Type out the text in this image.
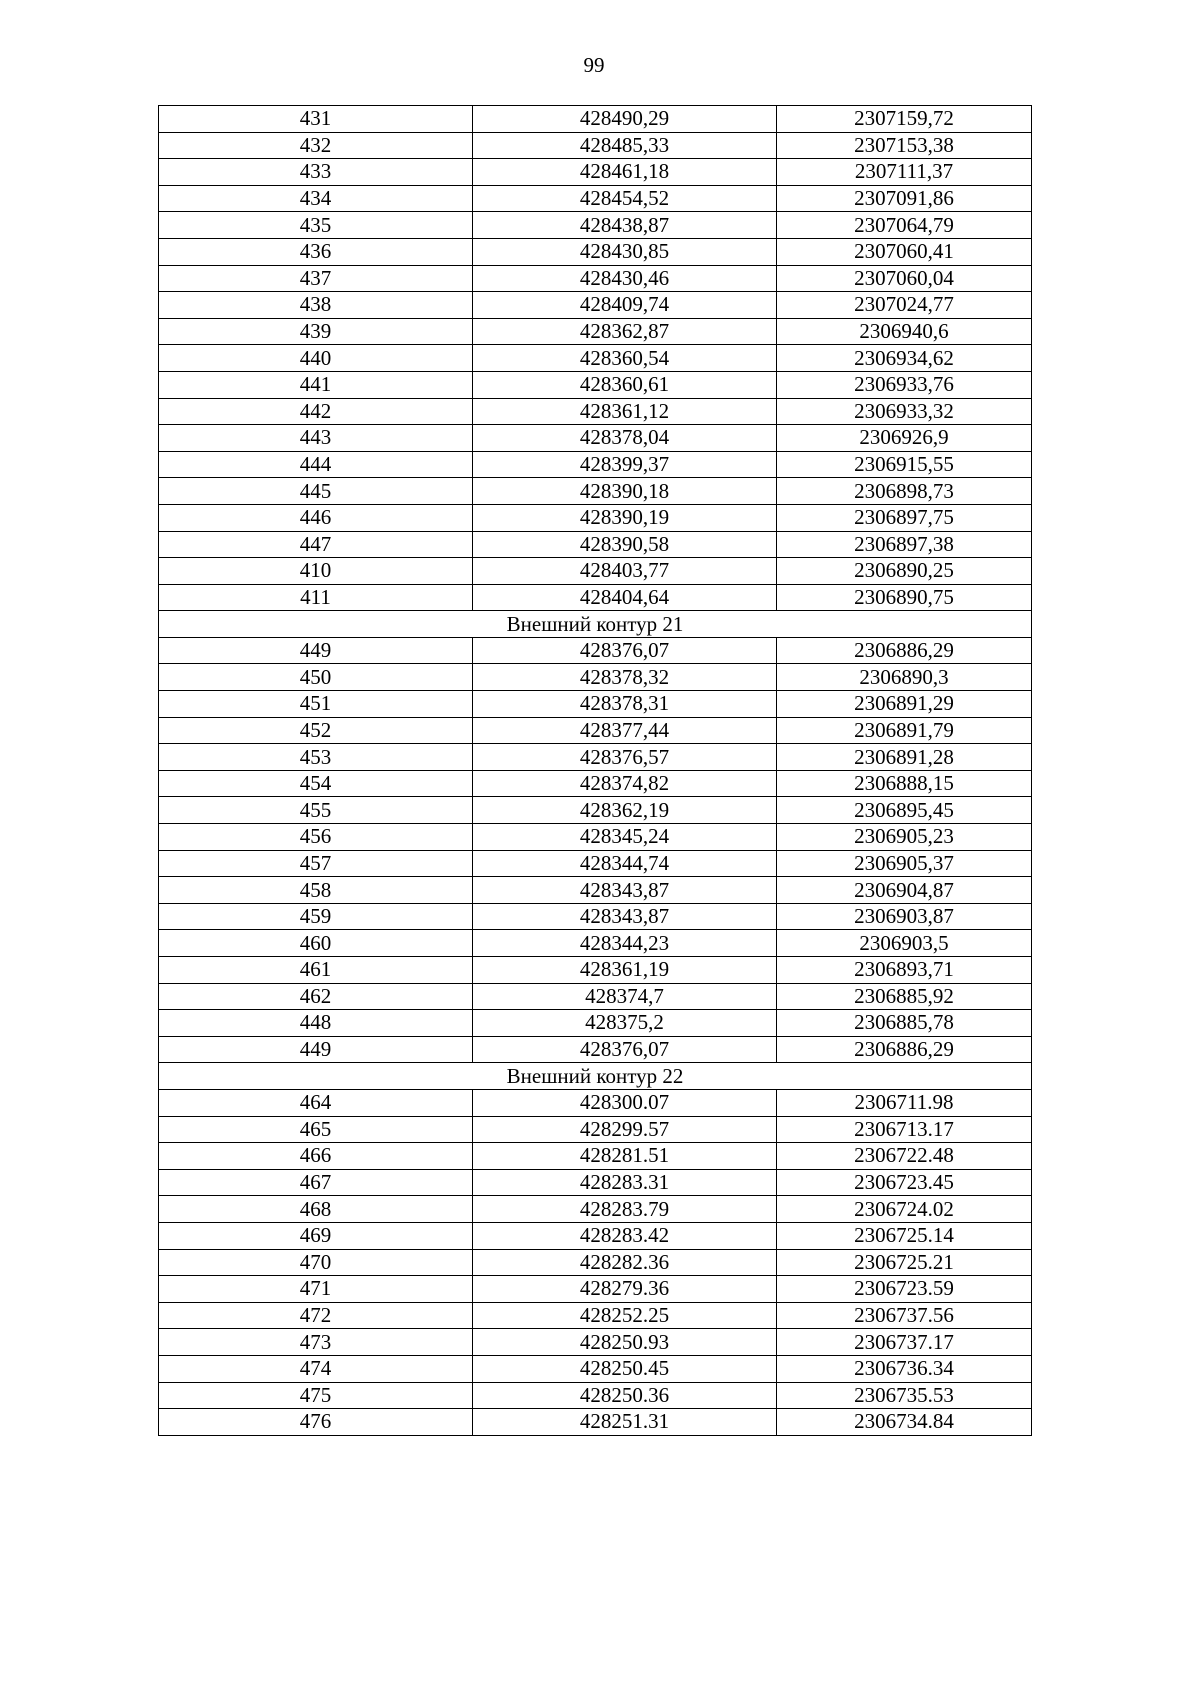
99
431	428490,29	2307159,72
432	428485,33	2307153,38
433	428461,18	2307111,37
434	428454,52	2307091,86
435	428438,87	2307064,79
436	428430,85	2307060,41
437	428430,46	2307060,04
438	428409,74	2307024,77
439	428362,87	2306940,6
440	428360,54	2306934,62
441	428360,61	2306933,76
442	428361,12	2306933,32
443	428378,04	2306926,9
444	428399,37	2306915,55
445	428390,18	2306898,73
446	428390,19	2306897,75
447	428390,58	2306897,38
410	428403,77	2306890,25
411	428404,64	2306890,75
Внешний контур 21		
449	428376,07	2306886,29
450	428378,32	2306890,3
451	428378,31	2306891,29
452	428377,44	2306891,79
453	428376,57	2306891,28
454	428374,82	2306888,15
455	428362,19	2306895,45
456	428345,24	2306905,23
457	428344,74	2306905,37
458	428343,87	2306904,87
459	428343,87	2306903,87
460	428344,23	2306903,5
461	428361,19	2306893,71
462	428374,7	2306885,92
448	428375,2	2306885,78
449	428376,07	2306886,29
Внешний контур 22		
464	428300.07	2306711.98
465	428299.57	2306713.17
466	428281.51	2306722.48
467	428283.31	2306723.45
468	428283.79	2306724.02
469	428283.42	2306725.14
470	428282.36	2306725.21
471	428279.36	2306723.59
472	428252.25	2306737.56
473	428250.93	2306737.17
474	428250.45	2306736.34
475	428250.36	2306735.53
476	428251.31	2306734.84
